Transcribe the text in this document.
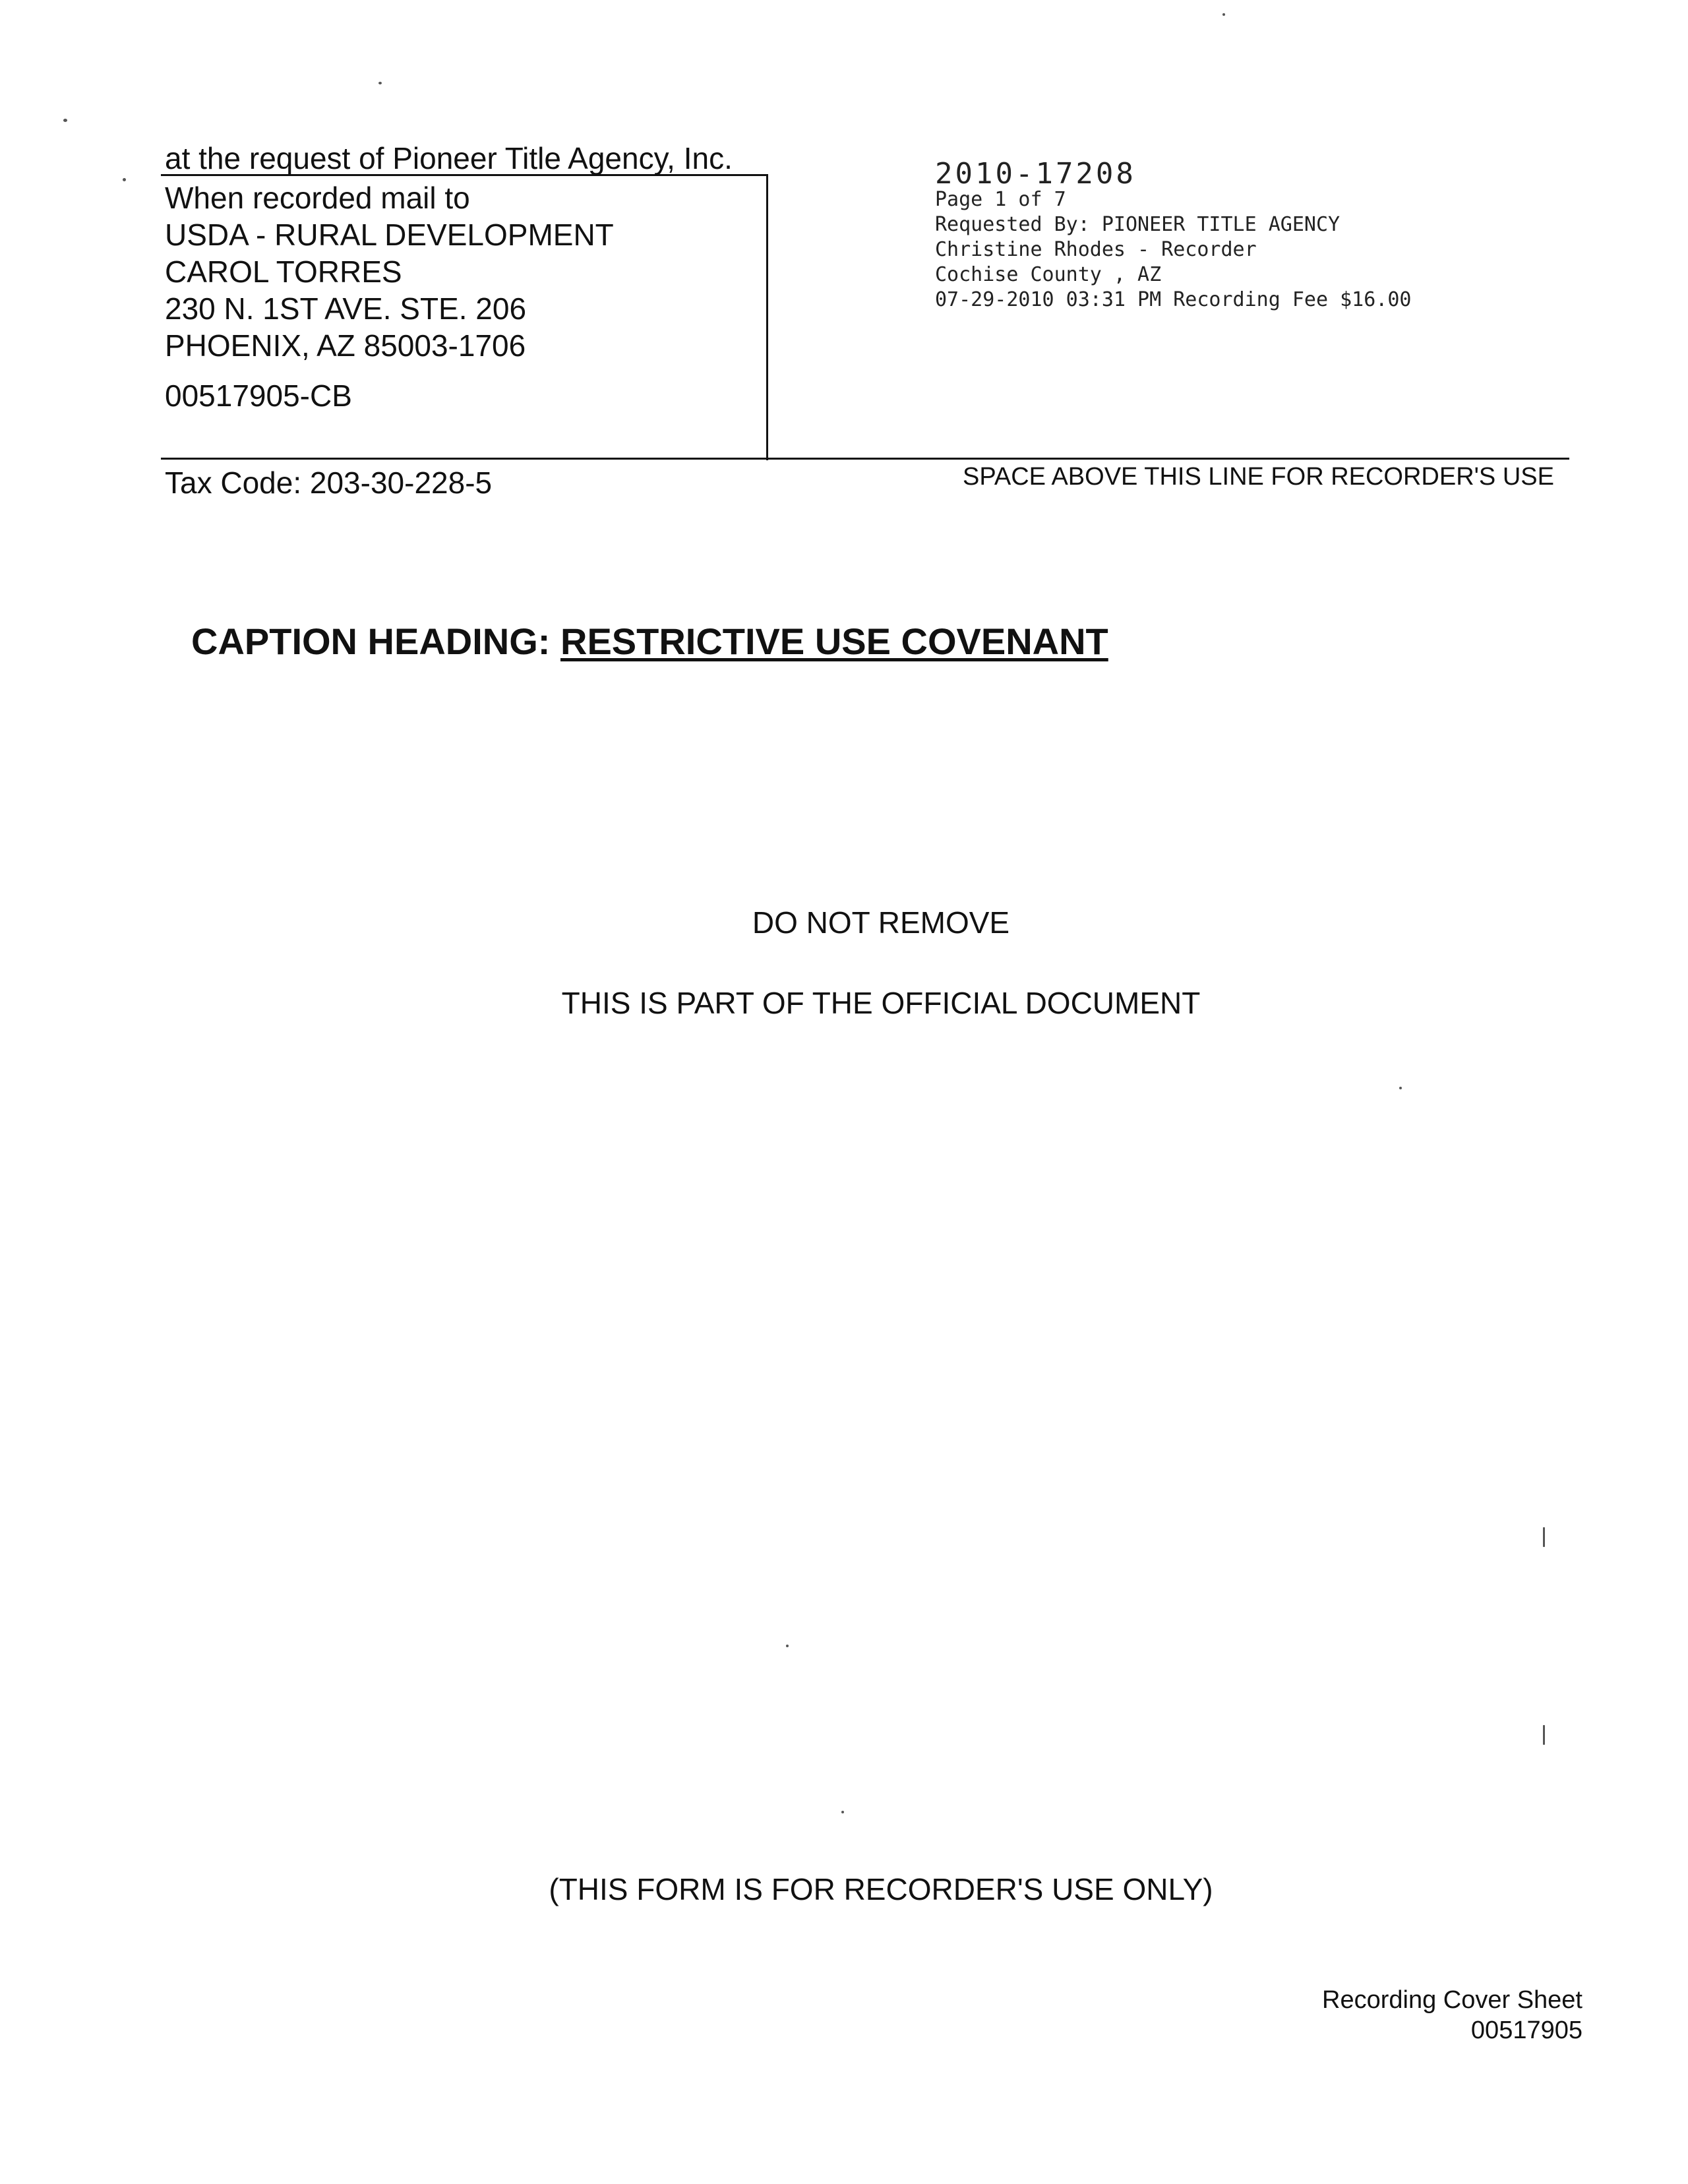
at the request of Pioneer Title Agency, Inc.
When recorded mail to
USDA - RURAL DEVELOPMENT
CAROL TORRES
230 N. 1ST AVE. STE. 206
PHOENIX, AZ 85003-1706
00517905-CB
2010-17208
Page 1 of 7
Requested By: PIONEER TITLE AGENCY
Christine Rhodes - Recorder
Cochise County , AZ
07-29-2010 03:31 PM Recording Fee $16.00
Tax Code: 203-30-228-5	SPACE ABOVE THIS LINE FOR RECORDER'S USE
CAPTION HEADING: RESTRICTIVE USE COVENANT
DO NOT REMOVE
THIS IS PART OF THE OFFICIAL DOCUMENT
(THIS FORM IS FOR RECORDER'S USE ONLY)
Recording Cover Sheet
00517905
